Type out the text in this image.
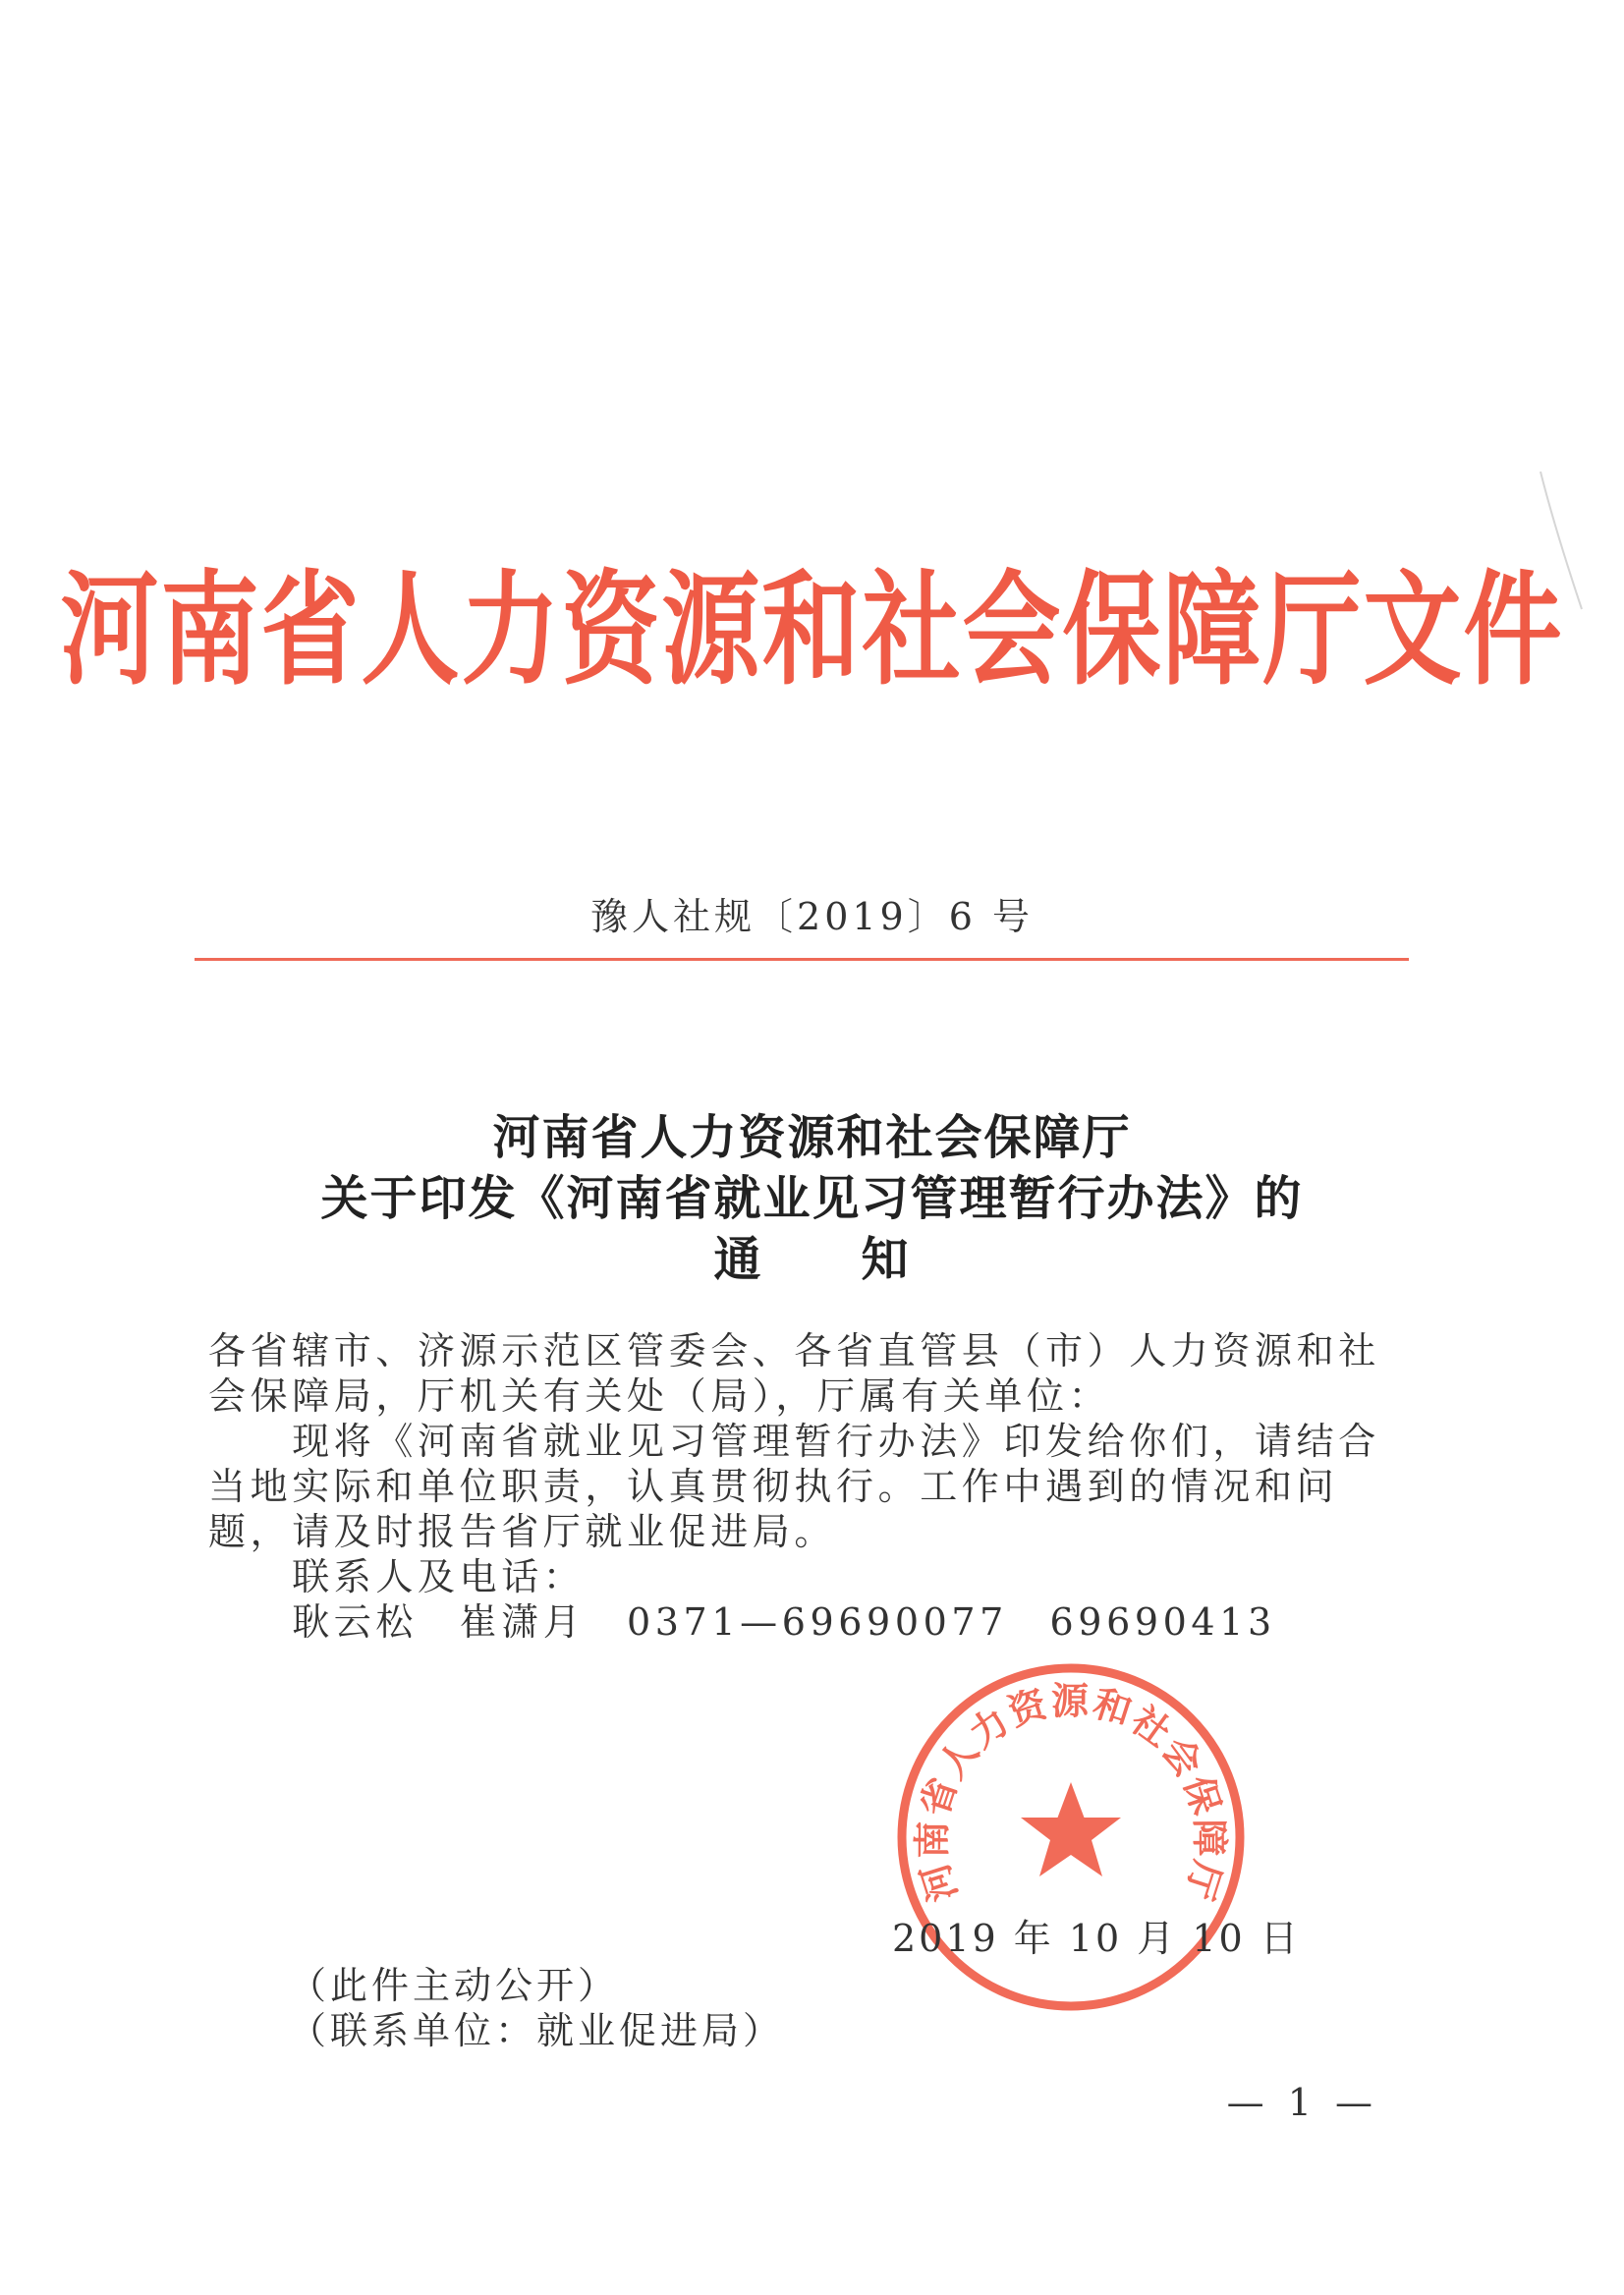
河南省人力资源和社会保障厅文件
豫人社规〔2019〕6 号
河南省人力资源和社会保障厅
关于印发《河南省就业见习管理暂行办法》的
通　　知
各省辖市、济源示范区管委会、各省直管县（市）人力资源和社
会保障局，厅机关有关处（局），厅属有关单位：
　　现将《河南省就业见习管理暂行办法》印发给你们，请结合
当地实际和单位职责，认真贯彻执行。工作中遇到的情况和问
题，请及时报告省厅就业促进局。
　　联系人及电话：
　　耿云松　崔潇月　0371—69690077　69690413
河南省人力资源和社会保障厅
2019 年 10 月 10 日
（此件主动公开）
（联系单位：就业促进局）
— 1 —
